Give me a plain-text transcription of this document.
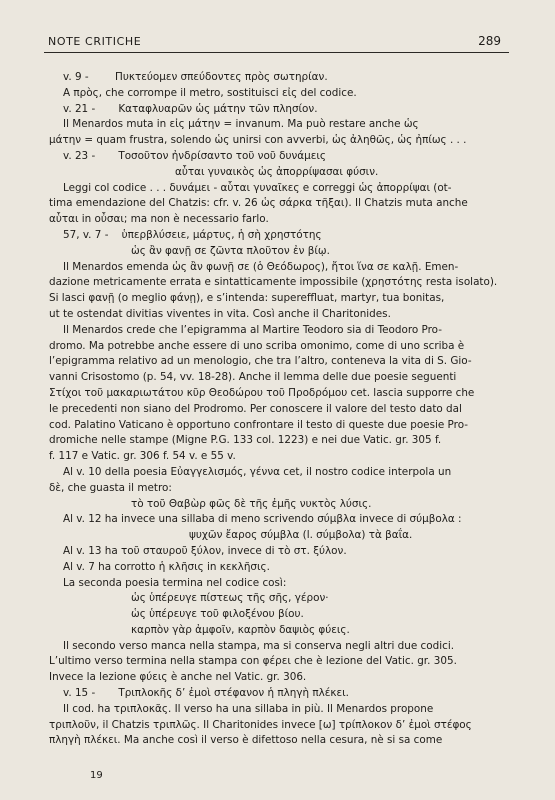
NOTE CRITICHE	289
v. 9 -        Πυκτεύομεν σπεύδοντες πρὸς σωτηρίαν.
A πρὸς, che corrompe il metro, sostituisci εἰς del codice.
v. 21 -       Καταφλυαρῶν ὡς μάτην τῶν πλησίον.
Il Menardos muta in εἰς μάτην = invanum. Ma può restare anche ὡς
μάτην = quam frustra, solendo ὡς unirsi con avverbi, ὡς ἀληθῶς, ὡς ἠπίως . . .
v. 23 -       Τοσοῦτον ἠνδρίσαντο τοῦ νοῦ δυνάμεις
αὗται γυναικὸς ὡς ἀπορρίψασαι φύσιν.
Leggi col codice . . . δυνάμει - αὗται γυναῖκες e correggi ὡς ἀπορρίψαι (ot-
tima emendazione del Chatzis: cfr. v. 26 ὡς σάρκα τῆξαι). Il Chatzis muta anche
αὗται in οὖσαι; ma non è necessario farlo.
57, v. 7 -    ὑπερβλύσειε, μάρτυς, ἡ σὴ χρηστότης
ὡς ἂν φανῇ σε ζῶντα πλοῦτον ἐν βίῳ.
Il Menardos emenda ὡς ἂν φωνῇ σε (ὁ Θεόδωρος), ἤτοι ἵνα σε καλῇ. Emen-
dazione metricamente errata e sintatticamente impossibile (χρηστότης resta isolato).
Si lasci φανῇ (o meglio φάνῃ), e s’intenda: supereffluat, martyr, tua bonitas,
ut te ostendat divitias viventes in vita. Così anche il Charitonides.
Il Menardos crede che l’epigramma al Martire Teodoro sia di Teodoro Pro-
dromo. Ma potrebbe anche essere di uno scriba omonimo, come di uno scriba è
l’epigramma relativo ad un menologio, che tra l’altro, conteneva la vita di S. Gio-
vanni Crisostomo (p. 54, vv. 18-28). Anche il lemma delle due poesie seguenti
Στίχοι τοῦ μακαριωτάτου κῦρ Θεοδώρου τοῦ Προδρόμου cet. lascia supporre che
le precedenti non siano del Prodromo. Per conoscere il valore del testo dato dal
cod. Palatino Vaticano è opportuno confrontare il testo di queste due poesie Pro-
dromiche nelle stampe (Migne P.G. 133 col. 1223) e nei due Vatic. gr. 305 f.
f. 117 e Vatic. gr. 306 f. 54 v. e 55 v.
Al v. 10 della poesia Εὐαγγελισμός, γέννα cet, il nostro codice interpola un
δὲ, che guasta il metro:
τὸ τοῦ Θαβὼρ φῶς δὲ τῆς ἐμῆς νυκτὸς λύσις.
Al v. 12 ha invece una sillaba di meno scrivendo σύμβλα invece di σύμβολα :
ψυχῶν ἔαρος σύμβλα (l. σύμβολα) τὰ βαΐα.
Al v. 13 ha τοῦ σταυροῦ ξύλον, invece di τὸ στ. ξύλον.
Al v. 7 ha corrotto ἡ κλῆσις in κεκλῆσις.
La seconda poesia termina nel codice così:
ὡς ὑπέρευγε πίστεως τῆς σῆς, γέρον·
ὡς ὑπέρευγε τοῦ φιλοξένου βίου.
καρπὸν γὰρ ἀμφοῖν, καρπὸν δαψιὸς φύεις.
Il secondo verso manca nella stampa, ma si conserva negli altri due codici.
L’ultimo verso termina nella stampa con φέρει che è lezione del Vatic. gr. 305.
Invece la lezione φύεις è anche nel Vatic. gr. 306.
v. 15 -       Τριπλοκῆς δ’ ἐμοὶ στέφανον ἡ πληγὴ πλέκει.
Il cod. ha τριπλοκᾶς. Il verso ha una sillaba in più. Il Menardos propone
τριπλοῦν, il Chatzis τριπλῶς. Il Charitonides invece [ω] τρίπλοκον δ’ ἐμοὶ στέφος
πληγὴ πλέκει. Ma anche così il verso è difettoso nella cesura, nè si sa come
19
